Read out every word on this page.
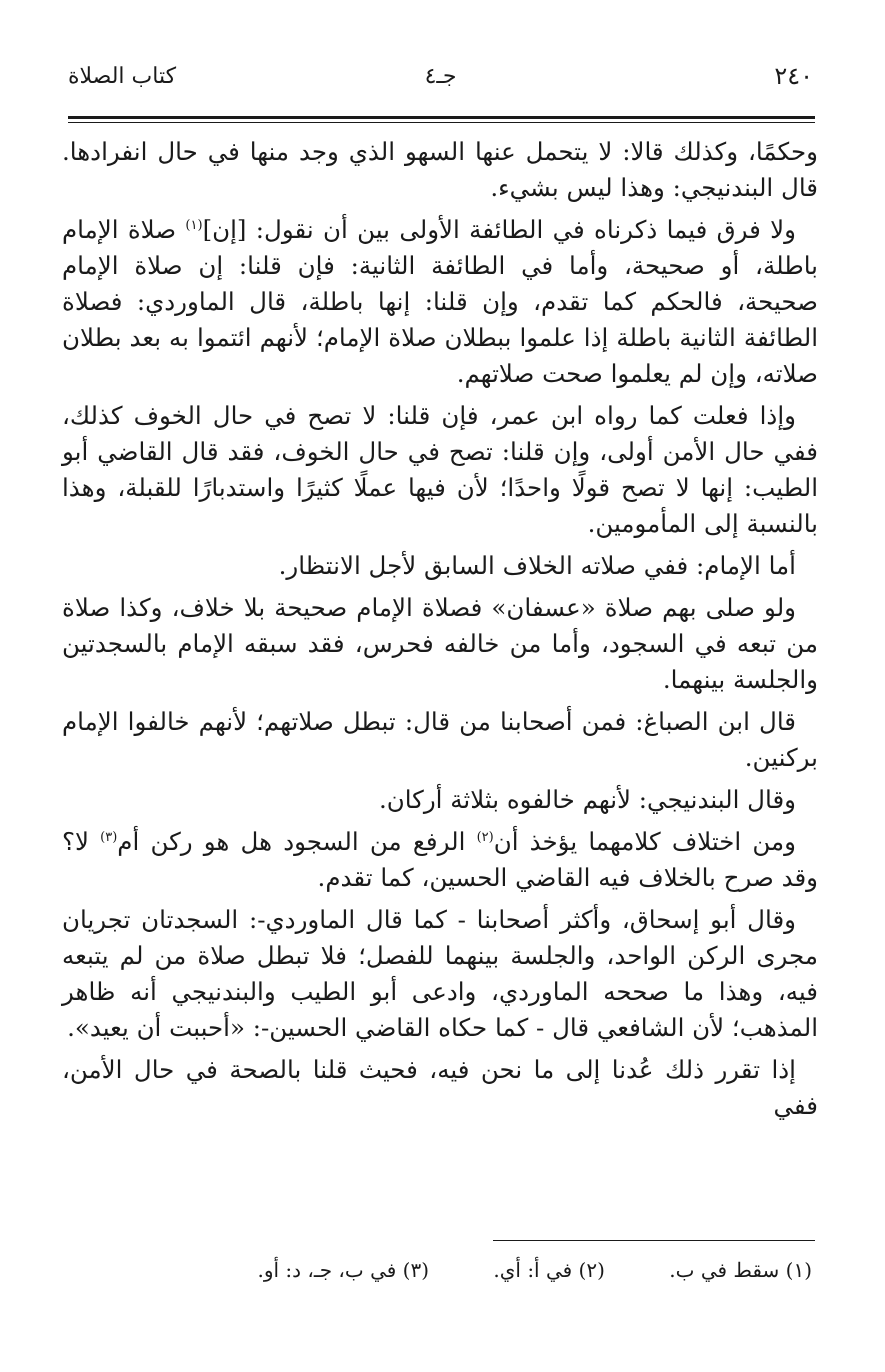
٢٤٠
جـ٤
كتاب الصلاة

وحكمًا، وكذلك قالا: لا يتحمل عنها السهو الذي وجد منها في حال انفرادها. قال البندنيجي: وهذا ليس بشيء.

ولا فرق فيما ذكرناه في الطائفة الأولى بين أن نقول: [إن]$^{(١)}$ صلاة الإمام باطلة، أو صحيحة، وأما في الطائفة الثانية: فإن قلنا: إن صلاة الإمام صحيحة، فالحكم كما تقدم، وإن قلنا: إنها باطلة، قال الماوردي: فصلاة الطائفة الثانية باطلة إذا علموا ببطلان صلاة الإمام؛ لأنهم ائتموا به بعد بطلان صلاته، وإن لم يعلموا صحت صلاتهم.

وإذا فعلت كما رواه ابن عمر، فإن قلنا: لا تصح في حال الخوف كذلك، ففي حال الأمن أولى، وإن قلنا: تصح في حال الخوف، فقد قال القاضي أبو الطيب: إنها لا تصح قولًا واحدًا؛ لأن فيها عملًا كثيرًا واستدبارًا للقبلة، وهذا بالنسبة إلى المأمومين.

أما الإمام: ففي صلاته الخلاف السابق لأجل الانتظار.

ولو صلى بهم صلاة «عسفان» فصلاة الإمام صحيحة بلا خلاف، وكذا صلاة من تبعه في السجود، وأما من خالفه فحرس، فقد سبقه الإمام بالسجدتين والجلسة بينهما.

قال ابن الصباغ: فمن أصحابنا من قال: تبطل صلاتهم؛ لأنهم خالفوا الإمام بركنين.

وقال البندنيجي: لأنهم خالفوه بثلاثة أركان.

ومن اختلاف كلامهما يؤخذ أن$^{(٢)}$ الرفع من السجود هل هو ركن أم$^{(٣)}$ لا؟ وقد صرح بالخلاف فيه القاضي الحسين، كما تقدم.

وقال أبو إسحاق، وأكثر أصحابنا - كما قال الماوردي-: السجدتان تجريان مجرى الركن الواحد، والجلسة بينهما للفصل؛ فلا تبطل صلاة من لم يتبعه فيه، وهذا ما صححه الماوردي، وادعى أبو الطيب والبندنيجي أنه ظاهر المذهب؛ لأن الشافعي قال - كما حكاه القاضي الحسين-: «أحببت أن يعيد».

إذا تقرر ذلك عُدنا إلى ما نحن فيه، فحيث قلنا بالصحة في حال الأمن، ففي

(١) سقط في ب. (٢) في أ: أي. (٣) في ب، جـ، د: أو.
